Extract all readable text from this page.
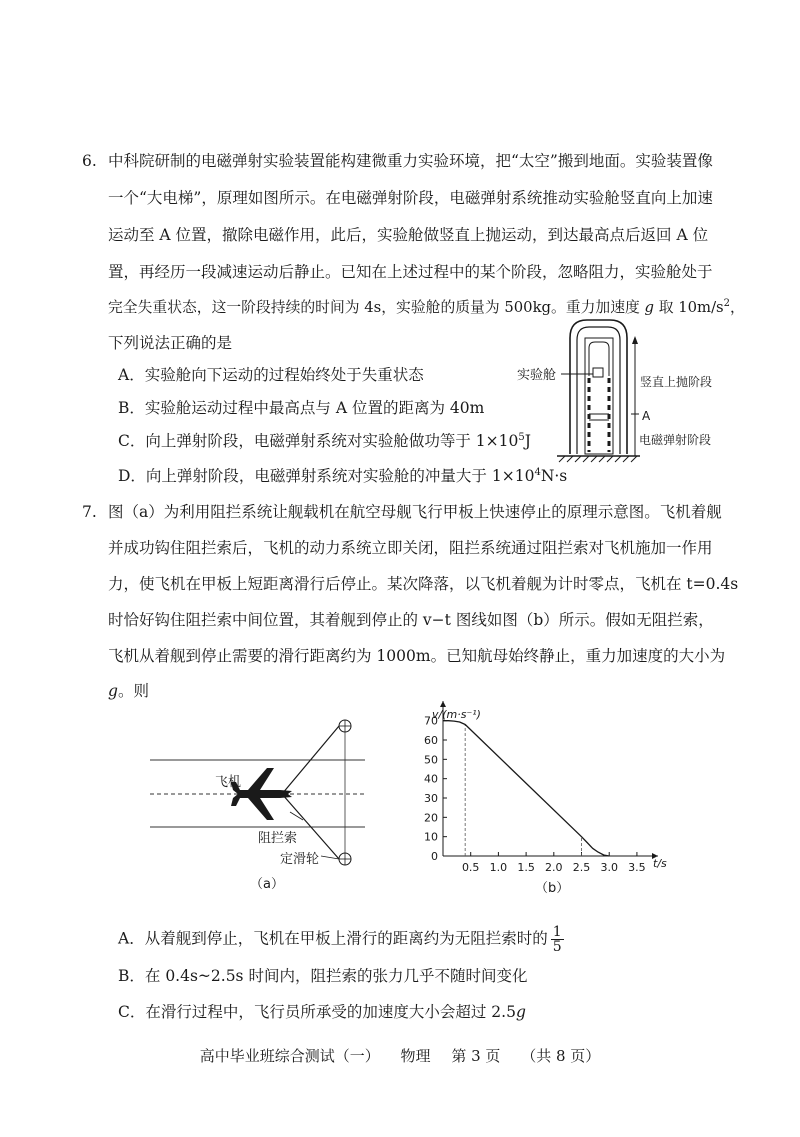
6. 中科院研制的电磁弹射实验装置能构建微重力实验环境，把“太空”搬到地面。实验装置像
一个“大电梯”，原理如图所示。在电磁弹射阶段，电磁弹射系统推动实验舱竖直向上加速
运动至 A 位置，撤除电磁作用，此后，实验舱做竖直上抛运动，到达最高点后返回 A 位
置，再经历一段减速运动后静止。已知在上述过程中的某个阶段，忽略阻力，实验舱处于
完全失重状态，这一阶段持续的时间为 4s，实验舱的质量为 500kg。重力加速度 g 取 $10m/s^2$，
下列说法正确的是
A．实验舱向下运动的过程始终处于失重状态
B．实验舱运动过程中最高点与 A 位置的距离为 40m
C．向上弹射阶段，电磁弹射系统对实验舱做功等于 $1\times 10^5J$
D．向上弹射阶段，电磁弹射系统对实验舱的冲量大于 $1\times 10^4N\cdot s$
实验舱	竖直上抛阶段
A
电磁弹射阶段
7. 图（a）为利用阻拦系统让舰载机在航空母舰飞行甲板上快速停止的原理示意图。飞机着舰
并成功钩住阻拦索后，飞机的动力系统立即关闭，阻拦系统通过阻拦索对飞机施加一作用
力，使飞机在甲板上短距离滑行后停止。某次降落，以飞机着舰为计时零点，飞机在 t=0.4s
时恰好钩住阻拦索中间位置，其着舰到停止的 v−t 图线如图（b）所示。假如无阻拦索，
飞机从着舰到停止需要的滑行距离约为 1000m。已知航母始终静止，重力加速度的大小为
g。则
飞机
阻拦索
定滑轮
（a）
0
10
20
30
40
50
60
70
0.5 1.0 1.5 2.0 2.5 3.0 3.5
v/(m·s⁻¹)
t/s
（b）
A．从着舰到停止，飞机在甲板上滑行的距离约为无阻拦索时的 $\frac{1}{5}$
B．在 0.4s~2.5s 时间内，阻拦索的张力几乎不随时间变化
C．在滑行过程中，飞行员所承受的加速度大小会超过 2.5g
高中毕业班综合测试（一） 物理 第 3 页 （共 8 页）
